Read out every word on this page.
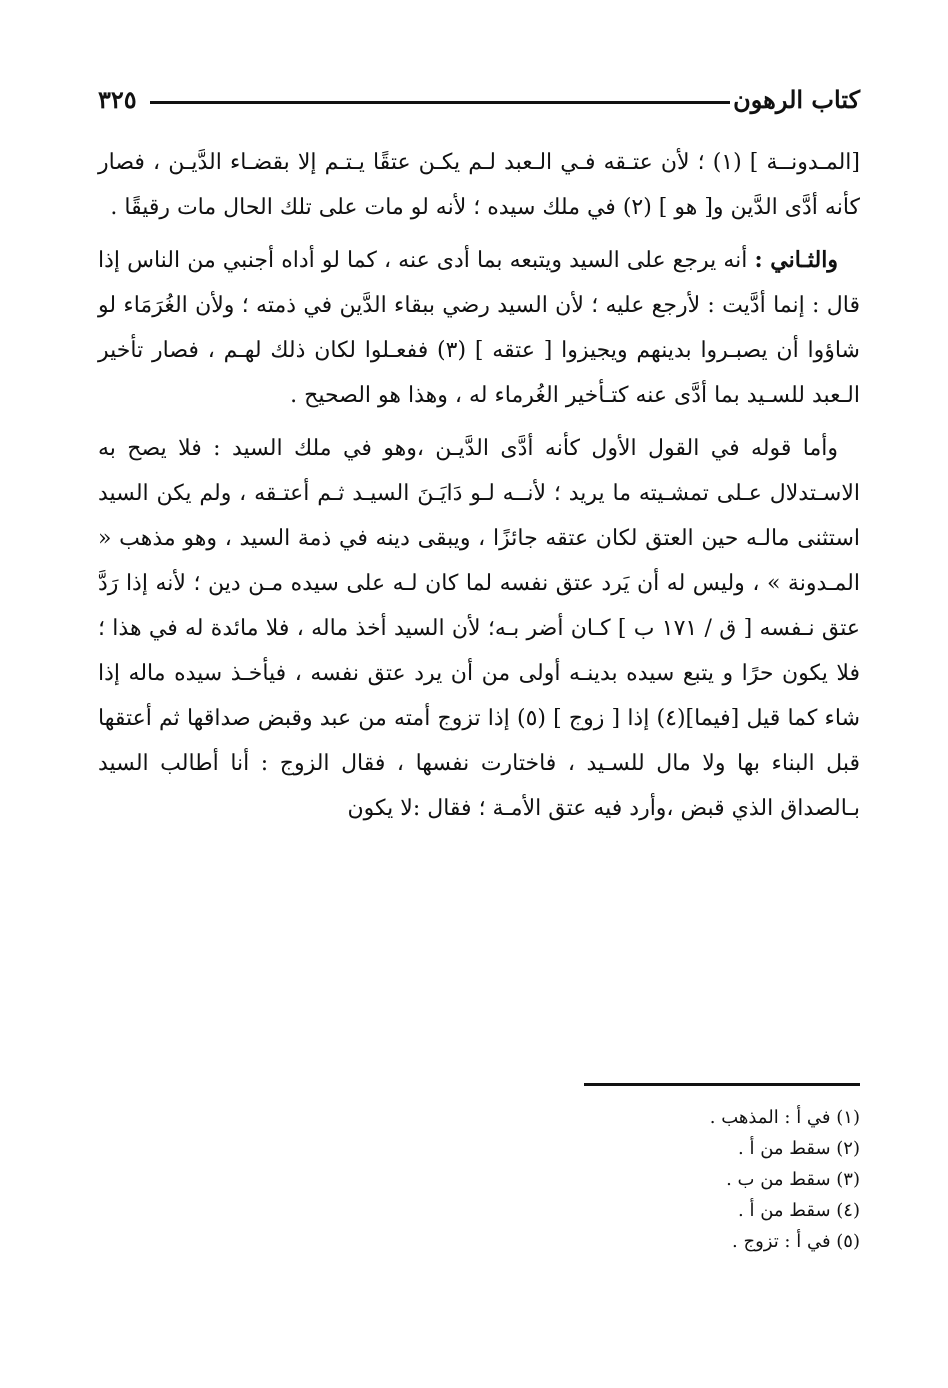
كتاب الرهون
٣٢٥

[المـدونــة ] (١) ؛ لأن عتـقه فـي الـعبد لـم يكـن عتقًا يـتـم إلا بقضـاء الدَّيـن ، فصار كأنه أدَّى الدَّين و[ هو ] (٢) في ملك سيده ؛ لأنه لو مات على تلك الحال مات رقيقًا .

والثـاني : أنه يرجع على السيد ويتبعه بما أدى عنه ، كما لو أداه أجنبي من الناس إذا قال : إنما أدَّيت : لأرجع عليه ؛ لأن السيد رضي ببقاء الدَّين في ذمته ؛ ولأن الغُرَمَاء لو شاؤوا أن يصبـروا بدينهم ويجيزوا [ عتقه ] (٣) ففعـلوا لكان ذلك لهـم ، فصار تأخير الـعبد للسـيد بما أدَّى عنه كتـأخير الغُرماء له ، وهذا هو الصحيح .

وأما قوله في القول الأول كأنه أدَّى الدَّيـن ،وهو في ملك السيد : فلا يصح به الاسـتدلال عـلى تمشـيته ما يريد ؛ لأنــه لـو دَايَـنَ السيـد ثـم أعتـقه ، ولم يكن السيد استثنى مالـه حين العتق لكان عتقه جائزًا ، ويبقى دينه في ذمة السيد ، وهو مذهب « المـدونة » ، وليس له أن يَرد عتق نفسه لما كان لـه على سيده مـن دين ؛ لأنه إذا رَدَّ عتق نـفسه [ ق / ١٧١ ب ] كـان أضر بـه؛ لأن السيد أخذ ماله ، فلا مائدة له في هذا ؛ فلا يكون حرًا و يتبع سيده بدينـه أولى من أن يرد عتق نفسه ، فيأخـذ سيده ماله إذا شاء كما قيل [فيما](٤) إذا [ زوج ] (٥) إذا تزوج أمته من عبد وقبض صداقها ثم أعتقها قبل البناء بها ولا مال للسـيد ، فاختارت نفسها ، فقال الزوج : أنا أطالب السيد بـالصداق الذي قبض ،وأرد فيه عتق الأمـة ؛ فقال :لا يكون

(١) في أ : المذهب .
(٢) سقط من أ .
(٣) سقط من ب .
(٤) سقط من أ .
(٥) في أ : تزوج .
